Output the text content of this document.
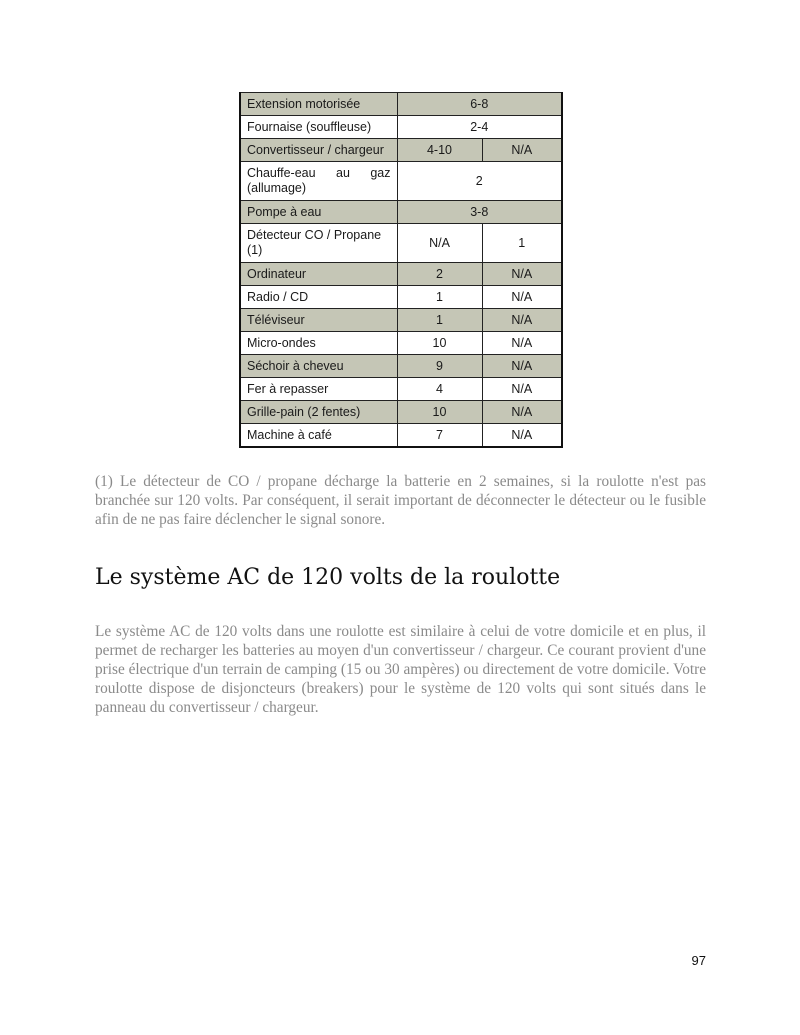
Extension motorisée	6-8	
Fournaise (souffleuse)	2-4	
Convertisseur / chargeur	4-10	N/A
Chauffe-eau au gaz (allumage)	2	
Pompe à eau	3-8	
Détecteur CO / Propane (1)	N/A	1
Ordinateur	2	N/A
Radio / CD	1	N/A
Téléviseur	1	N/A
Micro-ondes	10	N/A
Séchoir à cheveu	9	N/A
Fer à repasser	4	N/A
Grille-pain (2 fentes)	10	N/A
Machine à café	7	N/A

(1) Le détecteur de CO / propane décharge la batterie en 2 semaines, si la roulotte n'est pas branchée sur 120 volts. Par conséquent, il serait important de déconnecter le détecteur ou le fusible afin de ne pas faire déclencher le signal sonore.

Le système AC de 120 volts de la roulotte

Le système AC de 120 volts dans une roulotte est similaire à celui de votre domicile et en plus, il permet de recharger les batteries au moyen d'un convertisseur / chargeur. Ce courant provient d'une prise électrique d'un terrain de camping (15 ou 30 ampères) ou directement de votre domicile. Votre roulotte dispose de disjoncteurs (breakers) pour le système de 120 volts qui sont situés dans le panneau du convertisseur / chargeur.

97
